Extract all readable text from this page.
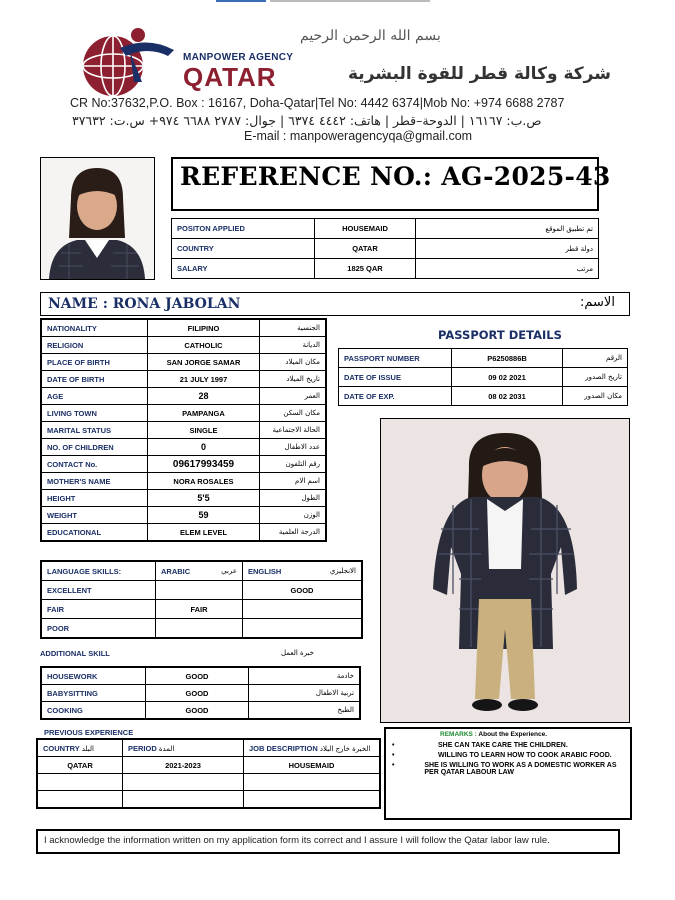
بسم الله الرحمن الرحيم
MANPOWER AGENCY
QATAR	شركة وكالة قطر للقوة البشرية
CR No:37632,P.O. Box : 16167, Doha-Qatar|Tel No: 4442 6374|Mob No: +974 6688 2787
ص.ب: ١٦١٦٧ | الدوحة–قطر | هاتف: ٤٤٤٢ ٦٣٧٤ | جوال: ٢٧٨٧ ٦٦٨٨ ٩٧٤+ س.ت: ٣٧٦٣٢
E-mail : manpoweragencyqa@gmail.com
REFERENCE NO.: AG-2025-43
POSITON APPLIED	HOUSEMAID	تم تطبيق الموقع
COUNTRY	QATAR	دولة قطر
SALARY	1825 QAR	مرتب
NAME : RONA JABOLAN	الاسم:
NATIONALITY	FILIPINO	الجنسية
RELIGION	CATHOLIC	الديانة
PLACE OF BIRTH	SAN JORGE SAMAR	مكان الميلاد
DATE OF BIRTH	21 JULY 1997	تاريخ الميلاد
AGE	28	العمر
LIVING TOWN	PAMPANGA	مكان السكن
MARITAL STATUS	SINGLE	الحالة الاجتماعية
NO. OF CHILDREN	0	عدد الاطفال
CONTACT No.	09617993459	رقم التلفون
MOTHER'S NAME	NORA ROSALES	اسم الام
HEIGHT	5'5	الطول
WEIGHT	59	الوزن
EDUCATIONAL	ELEM LEVEL	الدرجة العلمية
PASSPORT DETAILS
PASSPORT NUMBER	P6250886B	الرقم
DATE OF ISSUE	09 02 2021	تاريخ الصدور
DATE OF EXP.	08 02 2031	مكان الصدور
LANGUAGE SKILLS:	ARABIC عربي	ENGLISH الانجليزي

EXCELLENT		GOOD
FAIR	FAIR	
POOR		
ADDITIONAL SKILL	خبرة العمل
HOUSEWORK	GOOD	خادمة
BABYSITTING	GOOD	تربية الاطفال
COOKING	GOOD	الطبخ
PREVIOUS EXPERIENCE
COUNTRY البلد	PERIOD المدة	JOB DESCRIPTION الخبرة خارج البلاد
QATAR	2021-2023	HOUSEMAID

REMARKS : About the Experience.
•	SHE CAN TAKE CARE THE CHILDREN.
•	WILLING TO LEARN HOW TO COOK ARABIC FOOD.
•	SHE IS WILLING TO WORK AS A DOMESTIC WORKER AS PER QATAR LABOUR LAW
I acknowledge the information written on my application form its correct and I assure I will follow the Qatar labor law rule.
